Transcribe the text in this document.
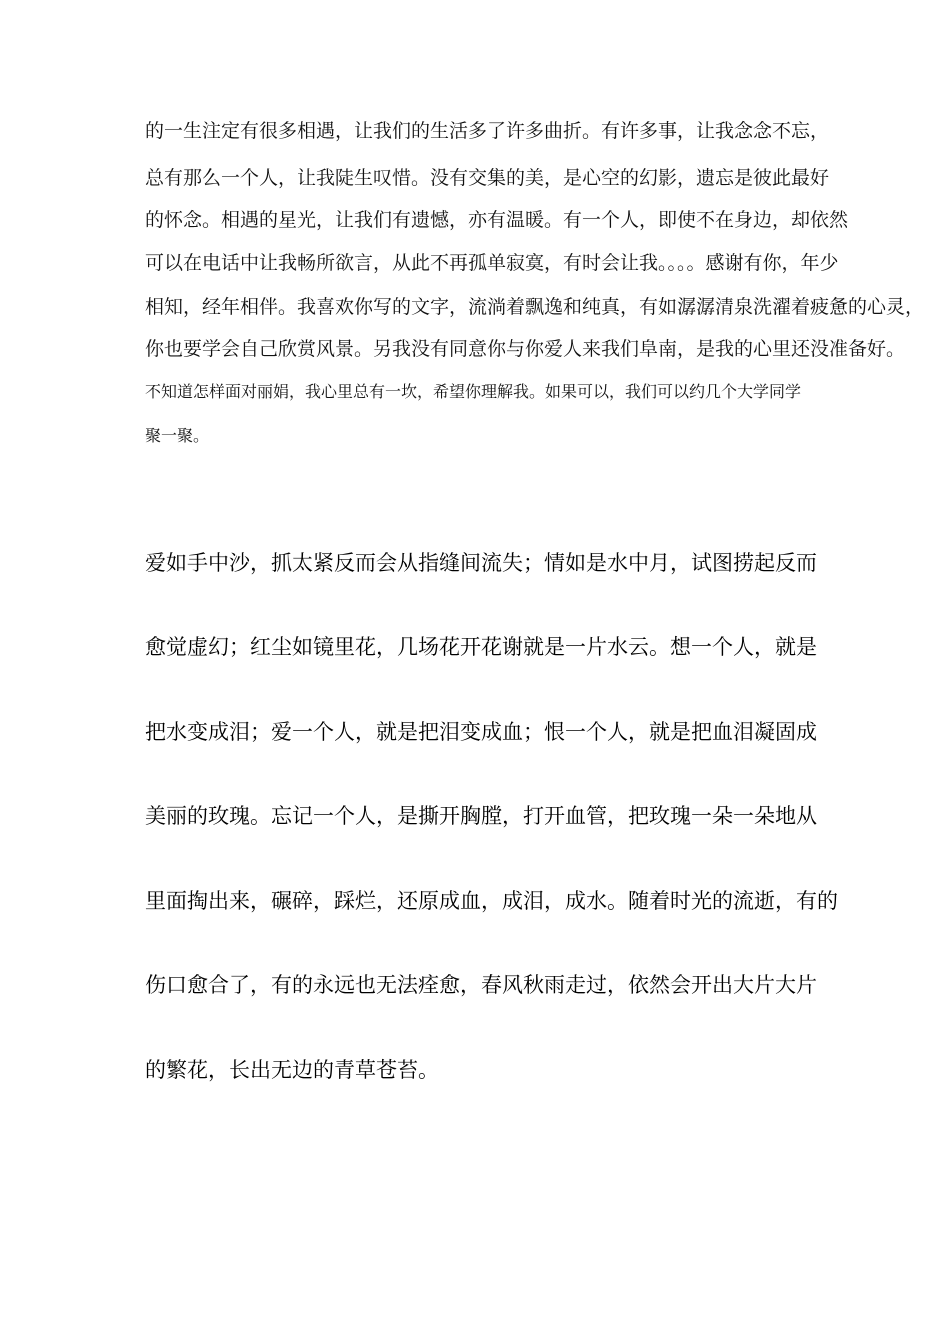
的一生注定有很多相遇，让我们的生活多了许多曲折。有许多事，让我念念不忘，
总有那么一个人，让我陡生叹惜。没有交集的美，是心空的幻影，遗忘是彼此最好
的怀念。相遇的星光，让我们有遗憾，亦有温暖。有一个人，即使不在身边，却依然
可以在电话中让我畅所欲言，从此不再孤单寂寞，有时会让我。。。。感谢有你，年少
相知，经年相伴。我喜欢你写的文字，流淌着飘逸和纯真，有如潺潺清泉洗濯着疲惫的心灵，
你也要学会自己欣赏风景。另我没有同意你与你爱人来我们阜南，是我的心里还没准备好。
不知道怎样面对丽娟，我心里总有一坎，希望你理解我。如果可以，我们可以约几个大学同学
聚一聚。
爱如手中沙，抓太紧反而会从指缝间流失；情如是水中月，试图捞起反而
愈觉虚幻；红尘如镜里花，几场花开花谢就是一片水云。想一个人，就是
把水变成泪；爱一个人，就是把泪变成血；恨一个人，就是把血泪凝固成
美丽的玫瑰。忘记一个人，是撕开胸膛，打开血管，把玫瑰一朵一朵地从
里面掏出来，碾碎，踩烂，还原成血，成泪，成水。随着时光的流逝，有的
伤口愈合了，有的永远也无法痊愈，春风秋雨走过，依然会开出大片大片
的繁花，长出无边的青草苍苔。
